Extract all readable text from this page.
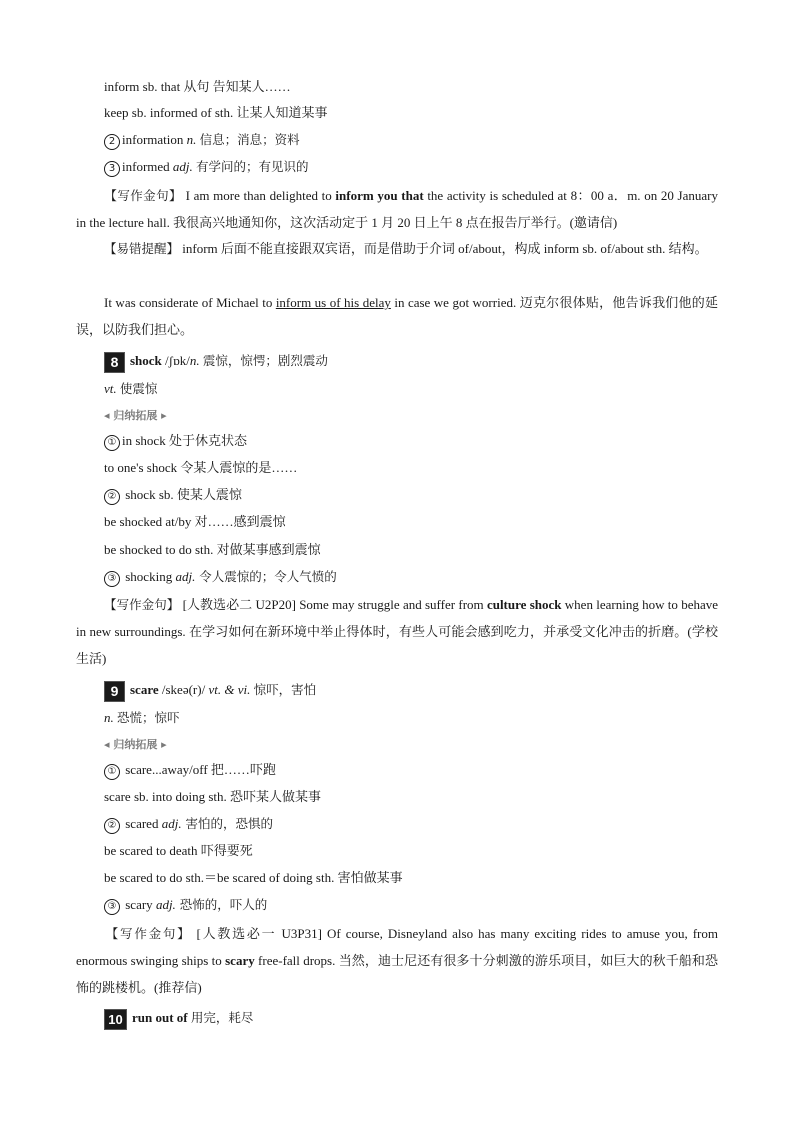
inform sb. that 从句 告知某人……
keep sb. informed of sth. 让某人知道某事
2 information n. 信息；消息；资料
3 informed adj. 有学问的；有见识的
【写作金句】 I am more than delighted to inform you that the activity is scheduled at 8：00 a．m. on 20 January in the lecture hall. 我很高兴地通知你，这次活动定于 1 月 20 日上午 8 点在报告厅举行。(邀请信)
【易错提醒】 inform 后面不能直接跟双宾语，而是借助于介词 of/about，构成 inform sb. of/about sth. 结构。
It was considerate of Michael to inform us of his delay in case we got worried. 迈克尔很体贴，他告诉我们他的延误，以防我们担心。
8 shock /ʃɒk/n. 震惊，惊愕；剧烈震动
vt. 使震惊
◂ 归纳拓展 ▸
① in shock 处于休克状态
to one's shock 令某人震惊的是……
② shock sb. 使某人震惊
be shocked at/by 对……感到震惊
be shocked to do sth. 对做某事感到震惊
③ shocking adj. 令人震惊的；令人气愤的
【写作金句】 [人教选必二 U2P20] Some may struggle and suffer from culture shock when learning how to behave in new surroundings. 在学习如何在新环境中举止得体时，有些人可能会感到吃力，并承受文化冲击的折磨。(学校生活)
9 scare /skeə(r)/ vt. & vi. 惊吓，害怕
n. 恐慌；惊吓
◂ 归纳拓展 ▸
① scare...away/off 把……吓跑
scare sb. into doing sth. 恐吓某人做某事
② scared adj. 害怕的，恐惧的
be scared to death 吓得要死
be scared to do sth.＝be scared of doing sth. 害怕做某事
③ scary adj. 恐怖的，吓人的
【写作金句】 [人教选必一 U3P31] Of course, Disneyland also has many exciting rides to amuse you, from enormous swinging ships to scary free-fall drops. 当然，迪士尼还有很多十分刺激的游乐项目，如巨大的秋千船和恐怖的跳楼机。(推荐信)
10 run out of 用完，耗尽
